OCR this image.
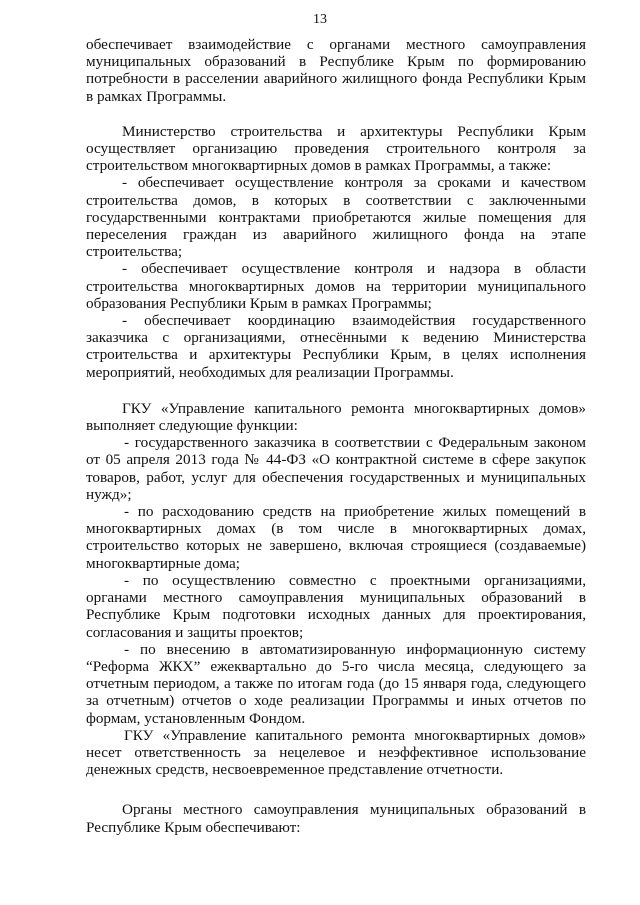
13

обеспечивает взаимодействие с органами местного самоуправления муниципальных образований в Республике Крым по формированию потребности в расселении аварийного жилищного фонда Республики Крым в рамках Программы.

Министерство строительства и архитектуры Республики Крым осуществляет организацию проведения строительного контроля за строительством многоквартирных домов в рамках Программы, а также:

- обеспечивает осуществление контроля за сроками и качеством строительства домов, в которых в соответствии с заключенными государственными контрактами приобретаются жилые помещения для переселения граждан из аварийного жилищного фонда на этапе строительства;

- обеспечивает осуществление контроля и надзора в области строительства многоквартирных домов на территории муниципального образования Республики Крым в рамках Программы;

- обеспечивает координацию взаимодействия государственного заказчика с организациями, отнесёнными к ведению Министерства строительства и архитектуры Республики Крым, в целях исполнения мероприятий, необходимых для реализации Программы.

ГКУ «Управление капитального ремонта многоквартирных домов» выполняет следующие функции:

- государственного заказчика в соответствии с Федеральным законом от 05 апреля 2013 года № 44-ФЗ «О контрактной системе в сфере закупок товаров, работ, услуг для обеспечения государственных и муниципальных нужд»;

- по расходованию средств на приобретение жилых помещений в многоквартирных домах (в том числе в многоквартирных домах, строительство которых не завершено, включая строящиеся (создаваемые) многоквартирные дома;

- по осуществлению совместно с проектными организациями, органами местного самоуправления муниципальных образований в Республике Крым подготовки исходных данных для проектирования, согласования и защиты проектов;

- по внесению в автоматизированную информационную систему “Реформа ЖКХ” ежеквартально до 5-го числа месяца, следующего за отчетным периодом, а также по итогам года (до 15 января года, следующего за отчетным) отчетов о ходе реализации Программы и иных отчетов по формам, установленным Фондом.

ГКУ «Управление капитального ремонта многоквартирных домов» несет ответственность за нецелевое и неэффективное использование денежных средств, несвоевременное представление отчетности.

Органы местного самоуправления муниципальных образований в Республике Крым обеспечивают:
